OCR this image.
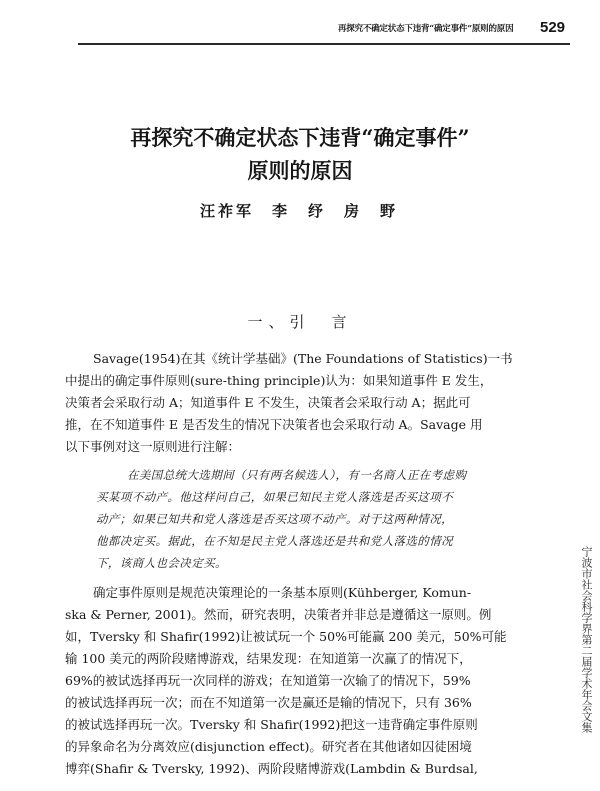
再探究不确定状态下违背“确定事件”原则的原因 529
再探究不确定状态下违背“确定事件”
原则的原因
汪祚军　李　纾　房　野
一、引　言
Savage(1954)在其《统计学基础》(The Foundations of Statistics)一书
中提出的确定事件原则(sure-thing principle)认为：如果知道事件 E 发生，
决策者会采取行动 A；知道事件 E 不发生，决策者会采取行动 A；据此可
推，在不知道事件 E 是否发生的情况下决策者也会采取行动 A。Savage 用
以下事例对这一原则进行注解：
在美国总统大选期间（只有两名候选人），有一名商人正在考虑购
买某项不动产。他这样问自己，如果已知民主党人落选是否买这项不
动产；如果已知共和党人落选是否买这项不动产。对于这两种情况，
他都决定买。据此，在不知是民主党人落选还是共和党人落选的情况
下，该商人也会决定买。
确定事件原则是规范决策理论的一条基本原则(Kühberger, Komun-
ska & Perner, 2001)。然而，研究表明，决策者并非总是遵循这一原则。例
如，Tversky 和 Shafir(1992)让被试玩一个 50%可能赢 200 美元，50%可能
输 100 美元的两阶段赌博游戏，结果发现：在知道第一次赢了的情况下，
69%的被试选择再玩一次同样的游戏；在知道第一次输了的情况下，59%
的被试选择再玩一次；而在不知道第一次是赢还是输的情况下，只有 36%
的被试选择再玩一次。Tversky 和 Shafir(1992)把这一违背确定事件原则
的异象命名为分离效应(disjunction effect)。研究者在其他诸如囚徒困境
博弈(Shafir & Tversky, 1992)、两阶段赌博游戏(Lambdin & Burdsal,
宁波市社会科学界第二届学术年会文集
